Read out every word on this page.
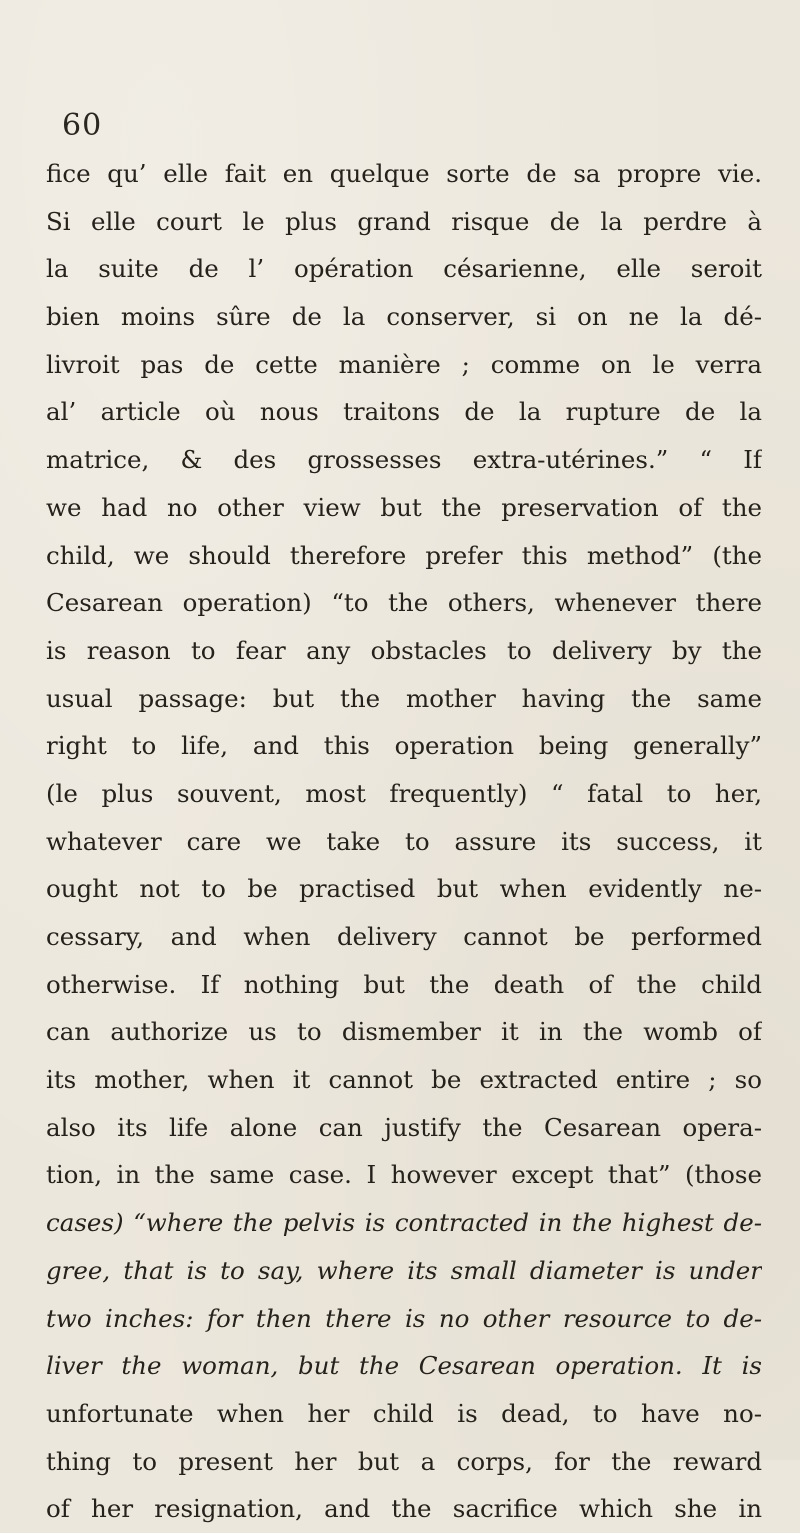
60
fice qu’ elle fait en quelque sorte de sa propre vie.
Si elle court le plus grand risque de la perdre à
la suite de l’ opération césarienne, elle seroit
bien moins sûre de la conserver, si on ne la dé-
livroit pas de cette manière ; comme on le verra
al’ article où nous traitons de la rupture de la
matrice, & des grossesses extra-utérines.” “ If
we had no other view but the preservation of the
child, we should therefore prefer this method” (the
Cesarean operation) “to the others, whenever there
is reason to fear any obstacles to delivery by the
usual passage: but the mother having the same
right to life, and this operation being generally”
(le plus souvent, most frequently) “ fatal to her,
whatever care we take to assure its success, it
ought not to be practised but when evidently ne-
cessary, and when delivery cannot be performed
otherwise. If nothing but the death of the child
can authorize us to dismember it in the womb of
its mother, when it cannot be extracted entire ; so
also its life alone can justify the Cesarean opera-
tion, in the same case. I however except that” (those
cases) “where the pelvis is contracted in the highest de-
gree, that is to say, where its small diameter is under
two inches: for then there is no other resource to de-
liver the woman, but the Cesarean operation. It is
unfortunate when her child is dead, to have no-
thing to present her but a corps, for the reward
of her resignation, and the sacrifice which she in
